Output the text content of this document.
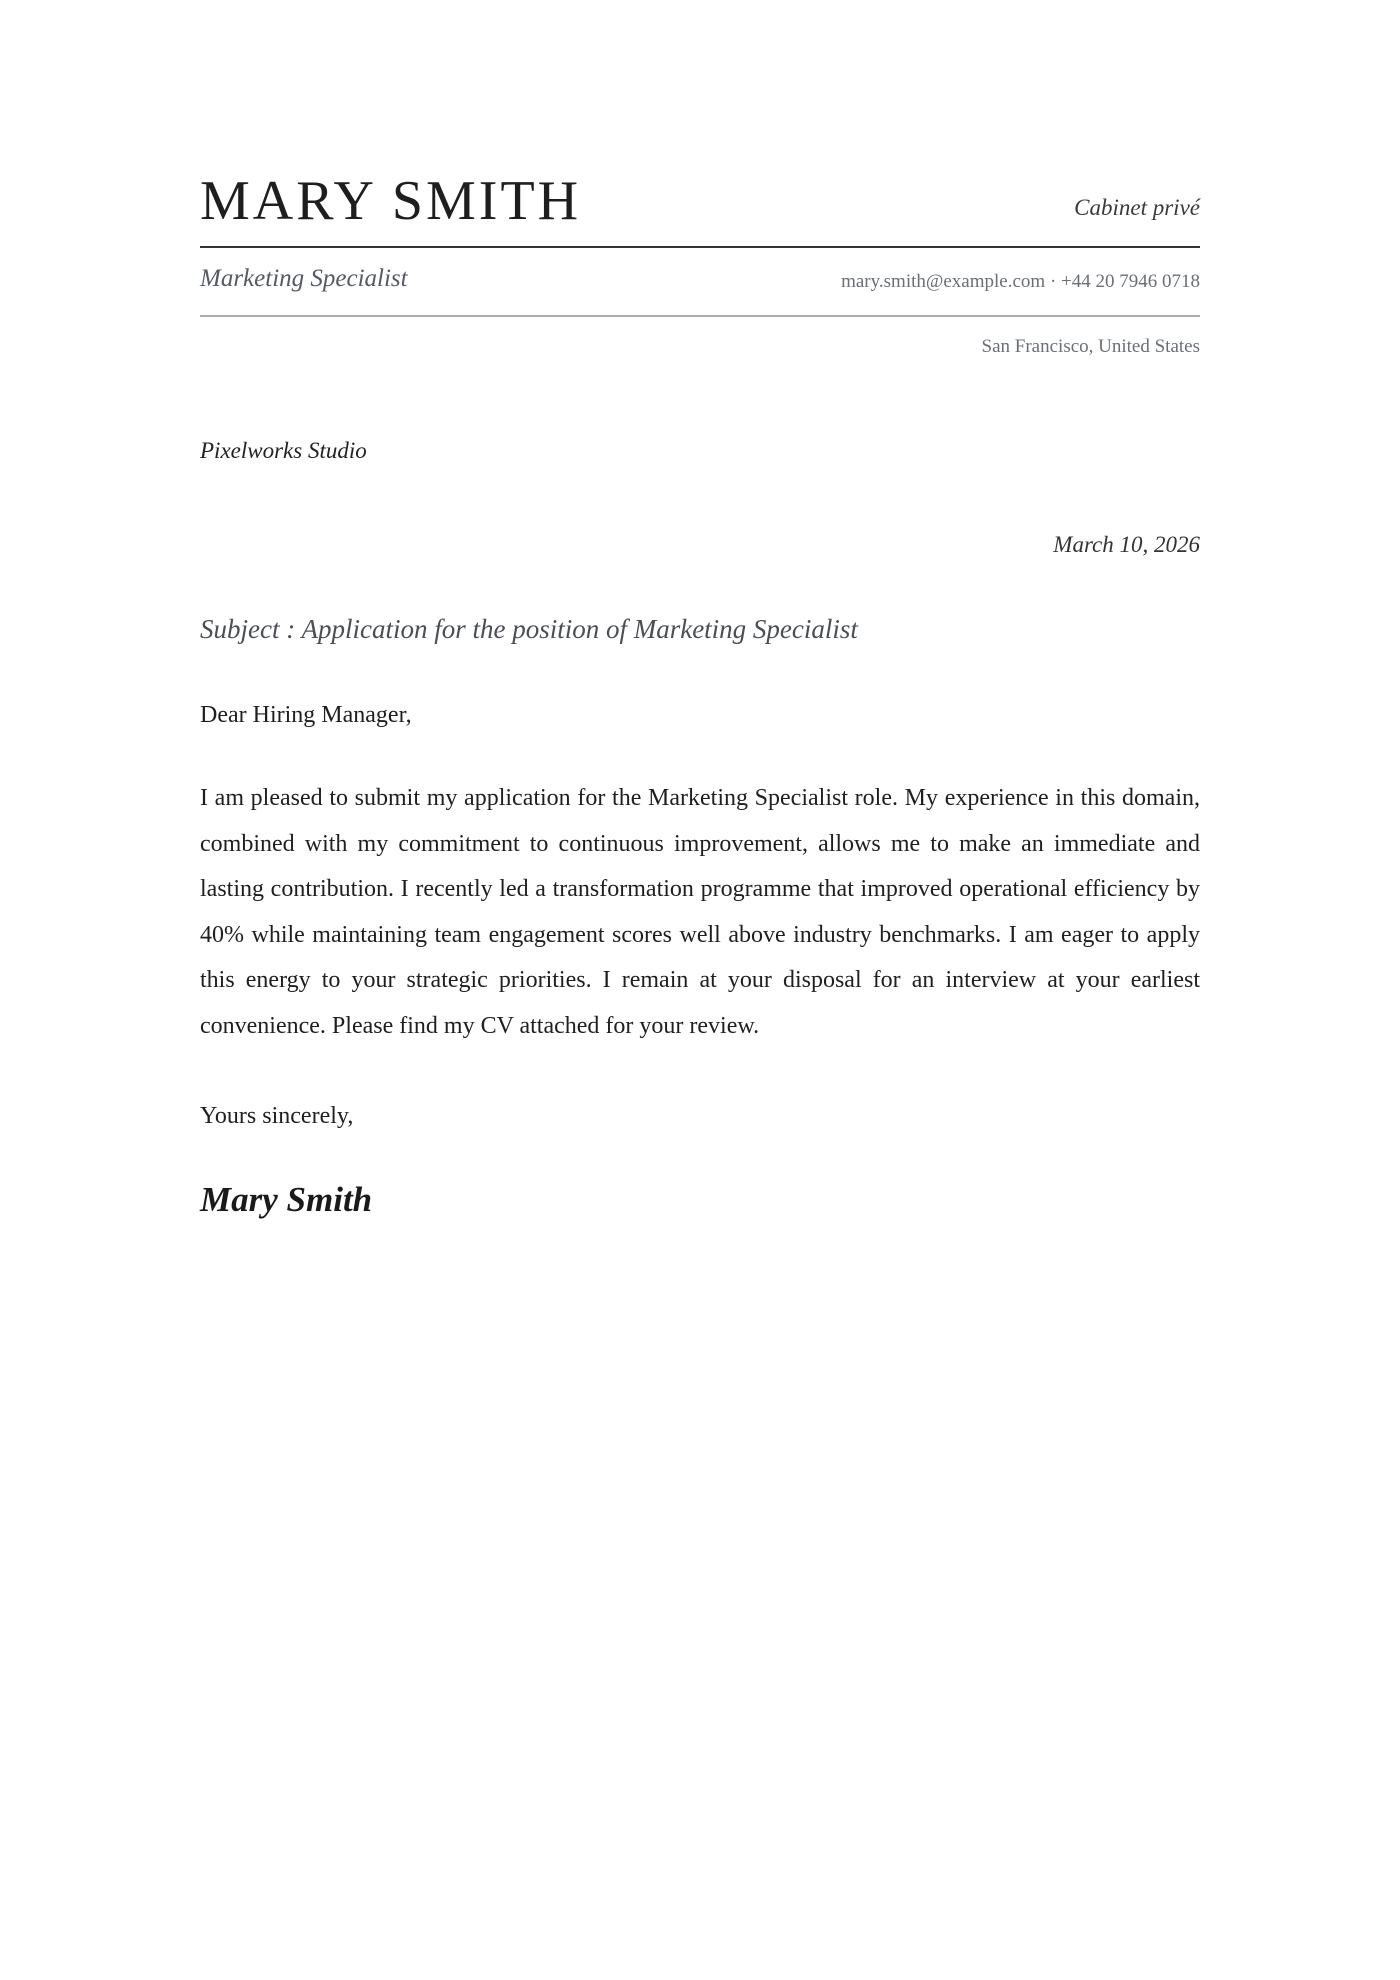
MARY SMITH	Cabinet privé
Marketing Specialist	mary.smith@example.com · +44 20 7946 0718
San Francisco, United States
Pixelworks Studio
March 10, 2026
Subject : Application for the position of Marketing Specialist
Dear Hiring Manager,

I am pleased to submit my application for the Marketing Specialist role. My experience in this domain, combined with my commitment to continuous improvement, allows me to make an immediate and lasting contribution. I recently led a transformation programme that improved operational efficiency by 40% while maintaining team engagement scores well above industry benchmarks. I am eager to apply this energy to your strategic priorities. I remain at your disposal for an interview at your earliest convenience. Please find my CV attached for your review.

Yours sincerely,
Mary Smith
